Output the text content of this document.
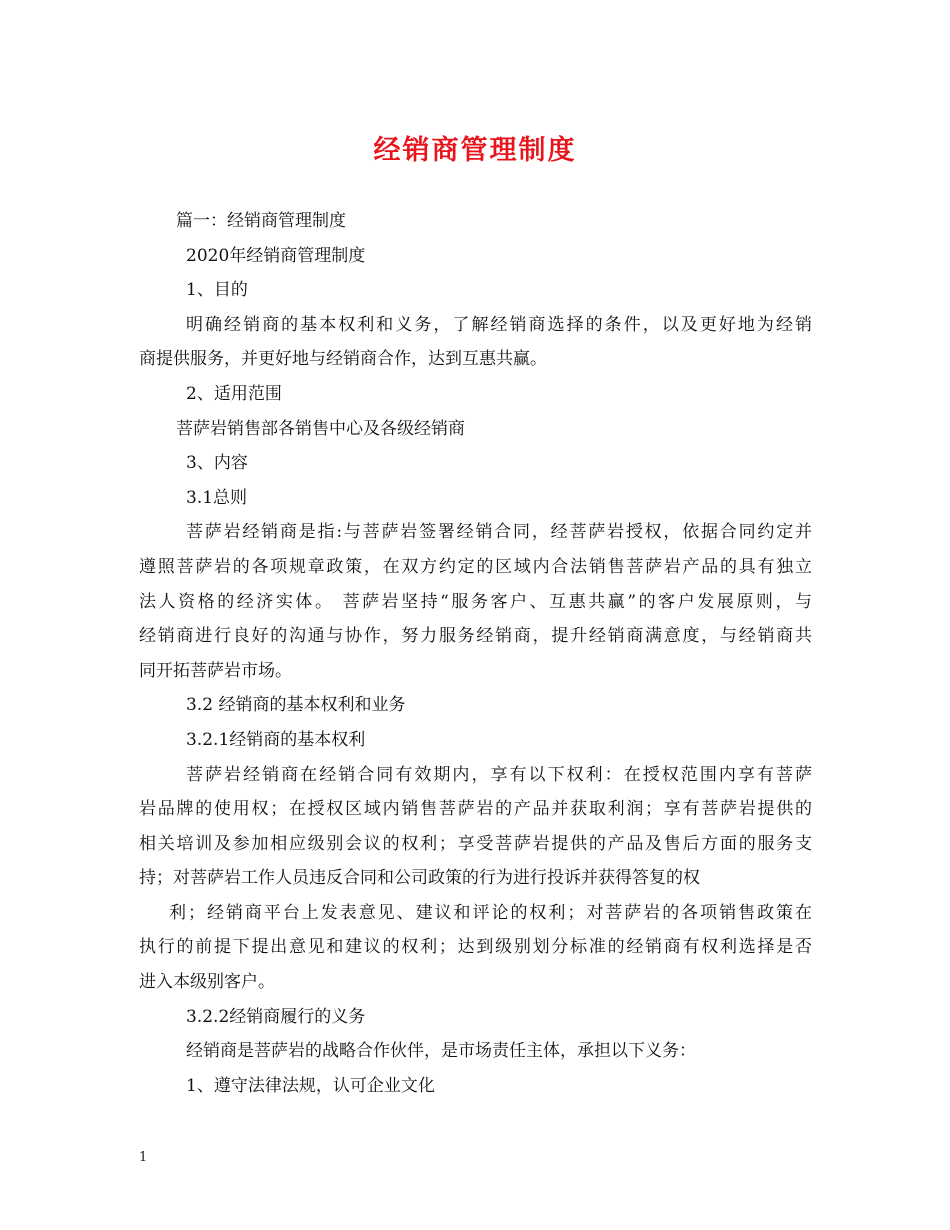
经销商管理制度

篇一：经销商管理制度

2020年经销商管理制度

1、目的

明确经销商的基本权利和义务，了解经销商选择的条件，以及更好地为经销

商提供服务，并更好地与经销商合作，达到互惠共赢。

2、适用范围

菩萨岩销售部各销售中心及各级经销商

3、内容

3.1总则

菩萨岩经销商是指:与菩萨岩签署经销合同，经菩萨岩授权，依据合同约定并

遵照菩萨岩的各项规章政策，在双方约定的区域内合法销售菩萨岩产品的具有独立

法人资格的经济实体。 菩萨岩坚持“服务客户、互惠共赢”的客户发展原则，与

经销商进行良好的沟通与协作，努力服务经销商，提升经销商满意度，与经销商共

同开拓菩萨岩市场。

3.2 经销商的基本权利和业务

3.2.1经销商的基本权利

菩萨岩经销商在经销合同有效期内，享有以下权利：在授权范围内享有菩萨

岩品牌的使用权；在授权区域内销售菩萨岩的产品并获取利润；享有菩萨岩提供的

相关培训及参加相应级别会议的权利；享受菩萨岩提供的产品及售后方面的服务支

持；对菩萨岩工作人员违反合同和公司政策的行为进行投诉并获得答复的权

利；经销商平台上发表意见、建议和评论的权利；对菩萨岩的各项销售政策在

执行的前提下提出意见和建议的权利；达到级别划分标准的经销商有权利选择是否

进入本级别客户。

3.2.2经销商履行的义务

经销商是菩萨岩的战略合作伙伴，是市场责任主体，承担以下义务：

1、遵守法律法规，认可企业文化

1
